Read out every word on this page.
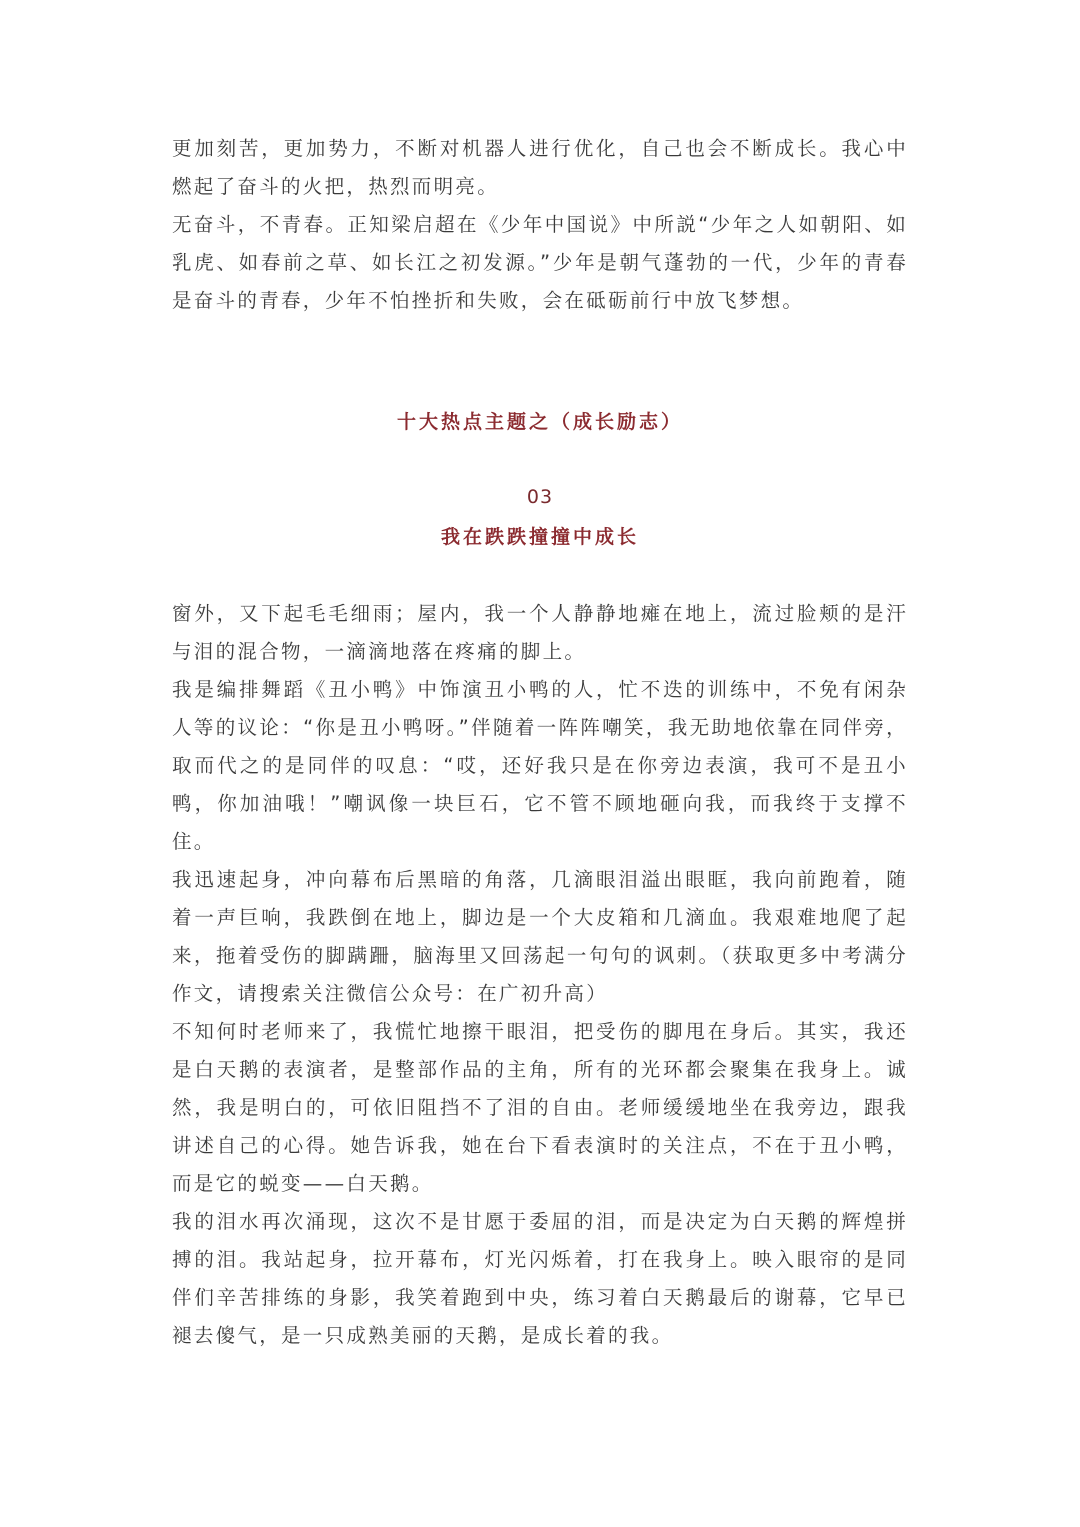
更加刻苦，更加势力，不断对机器人进行优化，自己也会不断成长。我心中燃起了奋斗的火把，热烈而明亮。

无奋斗，不青春。正知梁启超在《少年中国说》中所説“少年之人如朝阳、如乳虎、如春前之草、如长江之初发源。”少年是朝气蓬勃的一代，少年的青春是奋斗的青春，少年不怕挫折和失败，会在砥砺前行中放飞梦想。

十大热点主题之（成长励志）
03
我在跌跌撞撞中成长

窗外，又下起毛毛细雨；屋内，我一个人静静地瘫在地上，流过脸颊的是汗与泪的混合物，一滴滴地落在疼痛的脚上。

我是编排舞蹈《丑小鸭》中饰演丑小鸭的人，忙不迭的训练中，不免有闲杂人等的议论：“你是丑小鸭呀。”伴随着一阵阵嘲笑，我无助地依靠在同伴旁，取而代之的是同伴的叹息：“哎，还好我只是在你旁边表演，我可不是丑小鸭，你加油哦！”嘲讽像一块巨石，它不管不顾地砸向我，而我终于支撑不住。

我迅速起身，冲向幕布后黑暗的角落，几滴眼泪溢出眼眶，我向前跑着，随着一声巨响，我跌倒在地上，脚边是一个大皮箱和几滴血。我艰难地爬了起来，拖着受伤的脚蹒跚，脑海里又回荡起一句句的讽刺。（获取更多中考满分作文，请搜索关注微信公众号：在广初升高）

不知何时老师来了，我慌忙地擦干眼泪，把受伤的脚甩在身后。其实，我还是白天鹅的表演者，是整部作品的主角，所有的光环都会聚集在我身上。诚然，我是明白的，可依旧阻挡不了泪的自由。老师缓缓地坐在我旁边，跟我讲述自己的心得。她告诉我，她在台下看表演时的关注点，不在于丑小鸭，而是它的蜕变——白天鹅。

我的泪水再次涌现，这次不是甘愿于委屈的泪，而是决定为白天鹅的辉煌拼搏的泪。我站起身，拉开幕布，灯光闪烁着，打在我身上。映入眼帘的是同伴们辛苦排练的身影，我笑着跑到中央，练习着白天鹅最后的谢幕，它早已褪去傻气，是一只成熟美丽的天鹅，是成长着的我。
